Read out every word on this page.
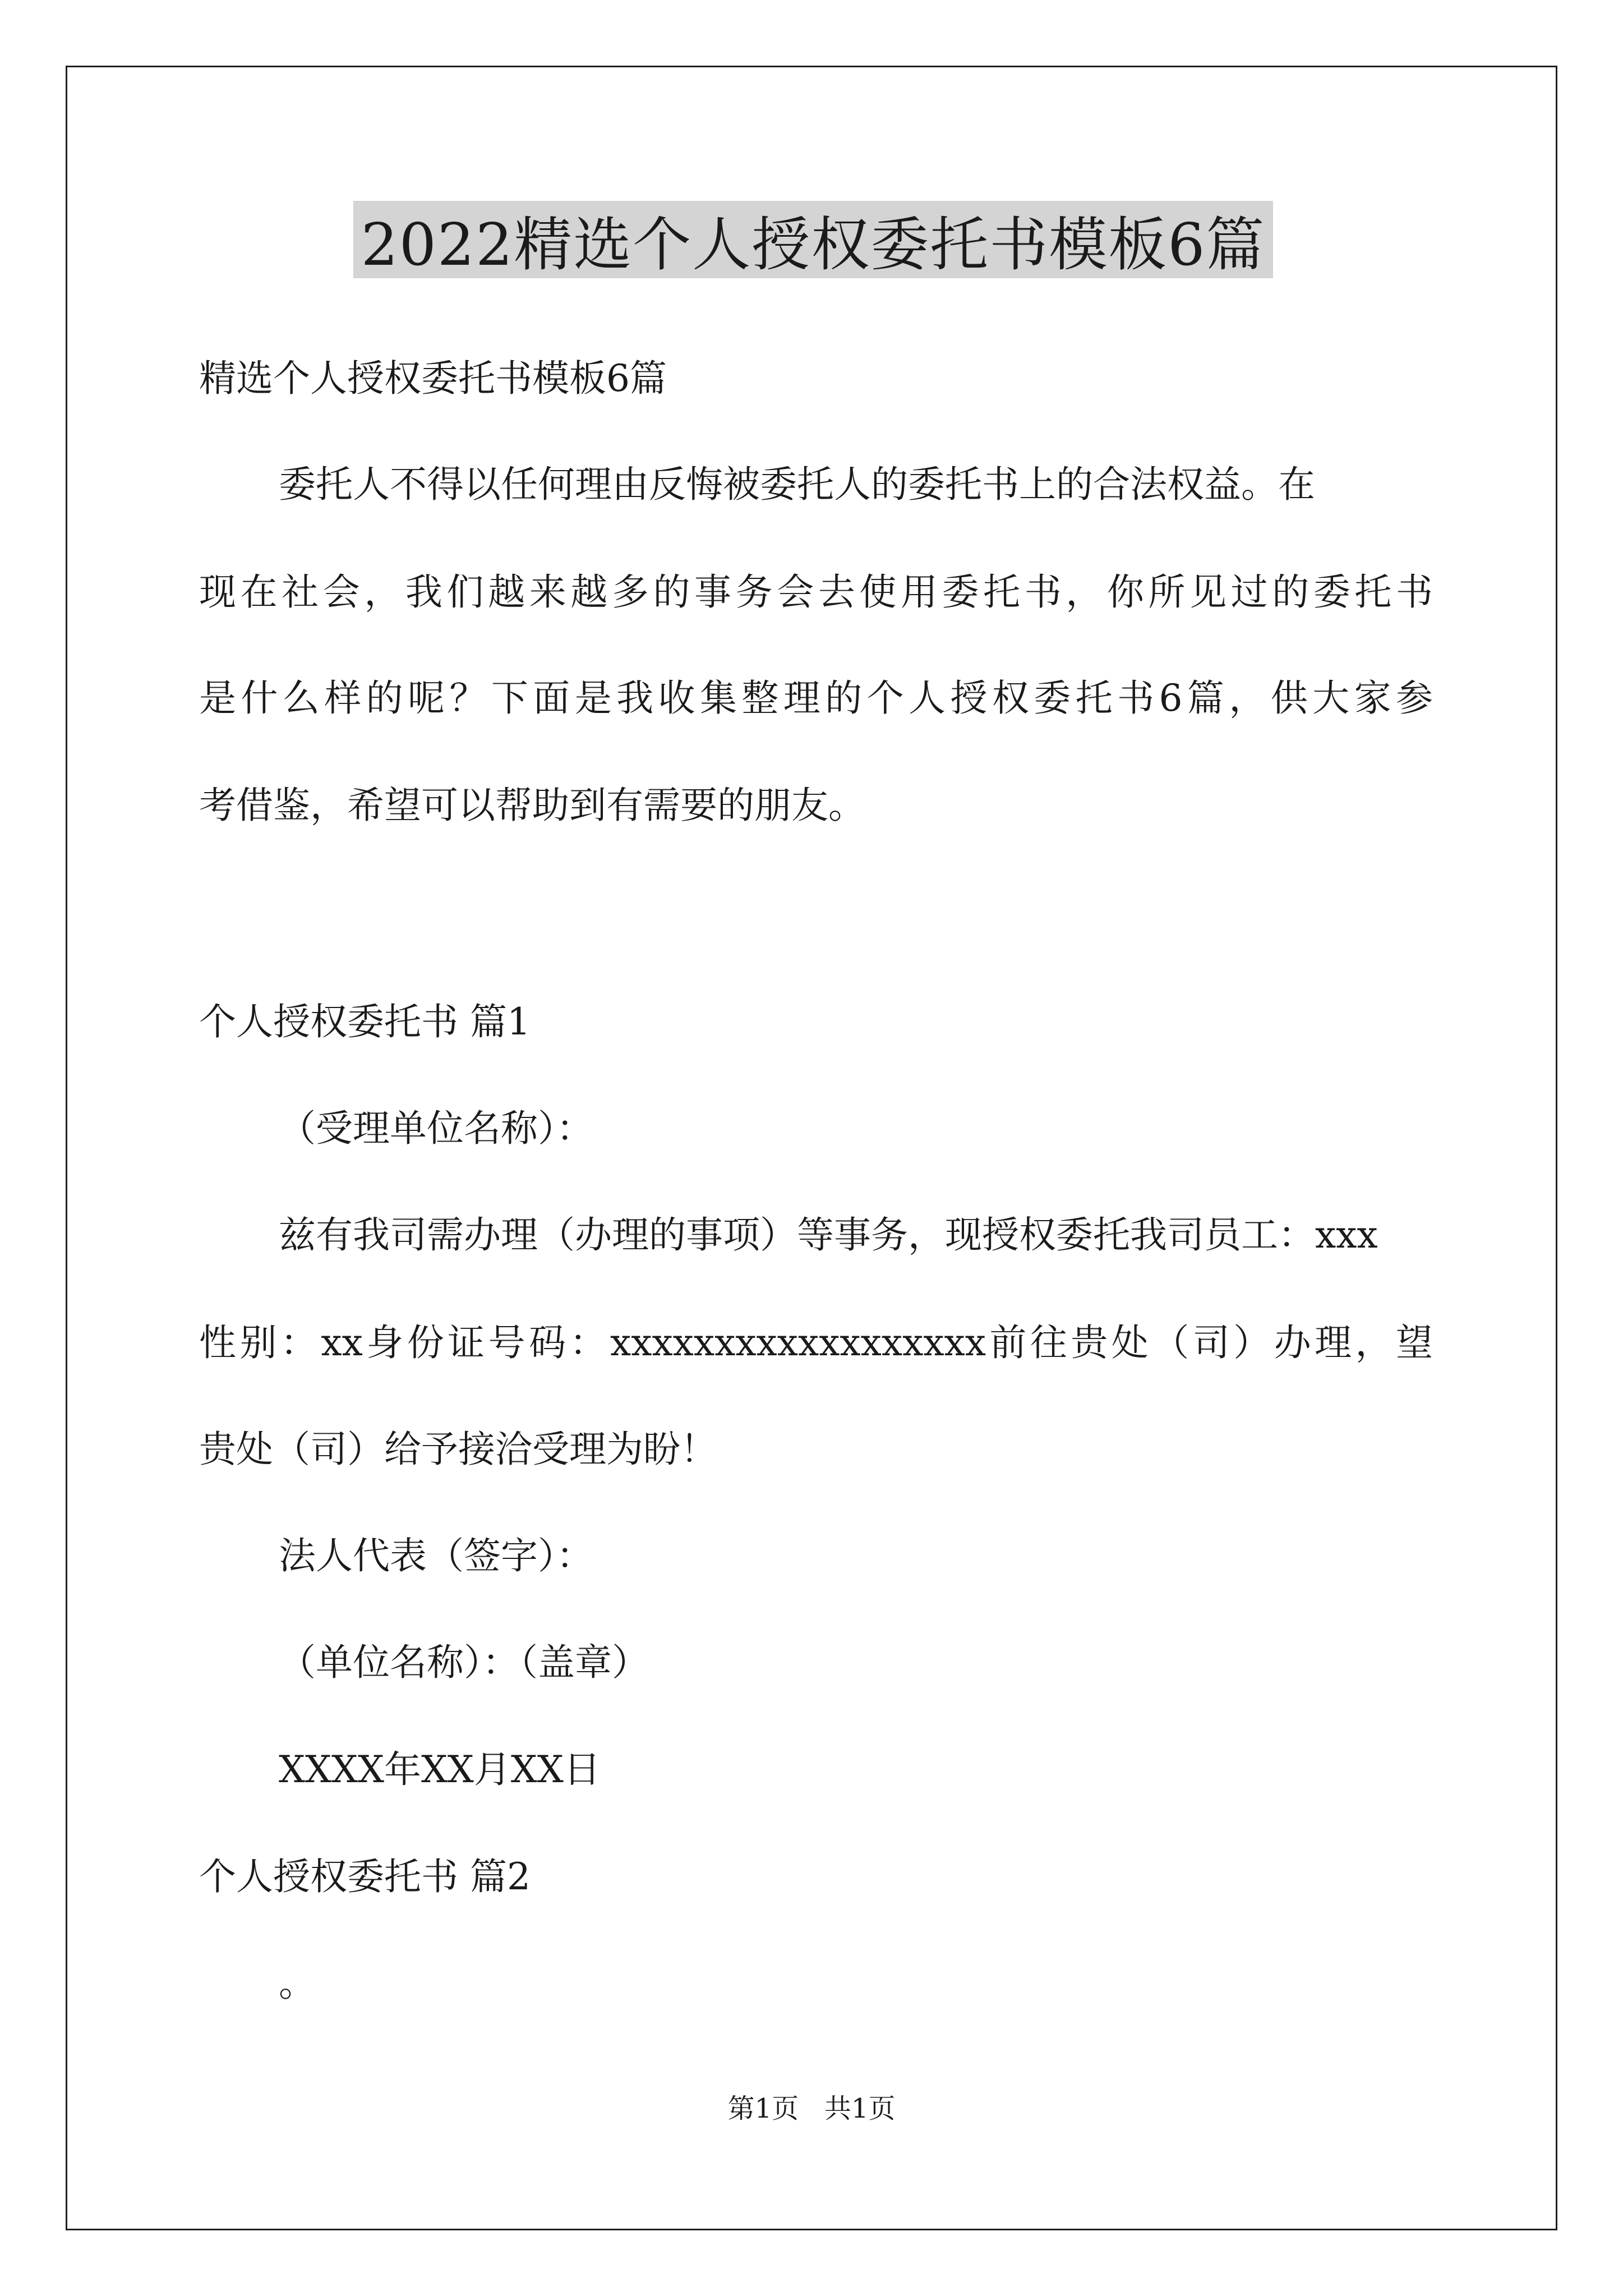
2022精选个人授权委托书模板6篇
精选个人授权委托书模板6篇
委托人不得以任何理由反悔被委托人的委托书上的合法权益。在
现在社会，我们越来越多的事务会去使用委托书，你所见过的委托书
是什么样的呢？下面是我收集整理的个人授权委托书6篇，供大家参
考借鉴，希望可以帮助到有需要的朋友。
个人授权委托书 篇1
（受理单位名称）：
兹有我司需办理（办理的事项）等事务，现授权委托我司员工：xxx
性别：xx身份证号码：xxxxxxxxxxxxxxxxxx前往贵处（司）办理，望
贵处（司）给予接洽受理为盼！
法人代表（签字）：
（单位名称）：（盖章）
XXXX年XX月XX日
个人授权委托书 篇2
。
第1页   共1页
